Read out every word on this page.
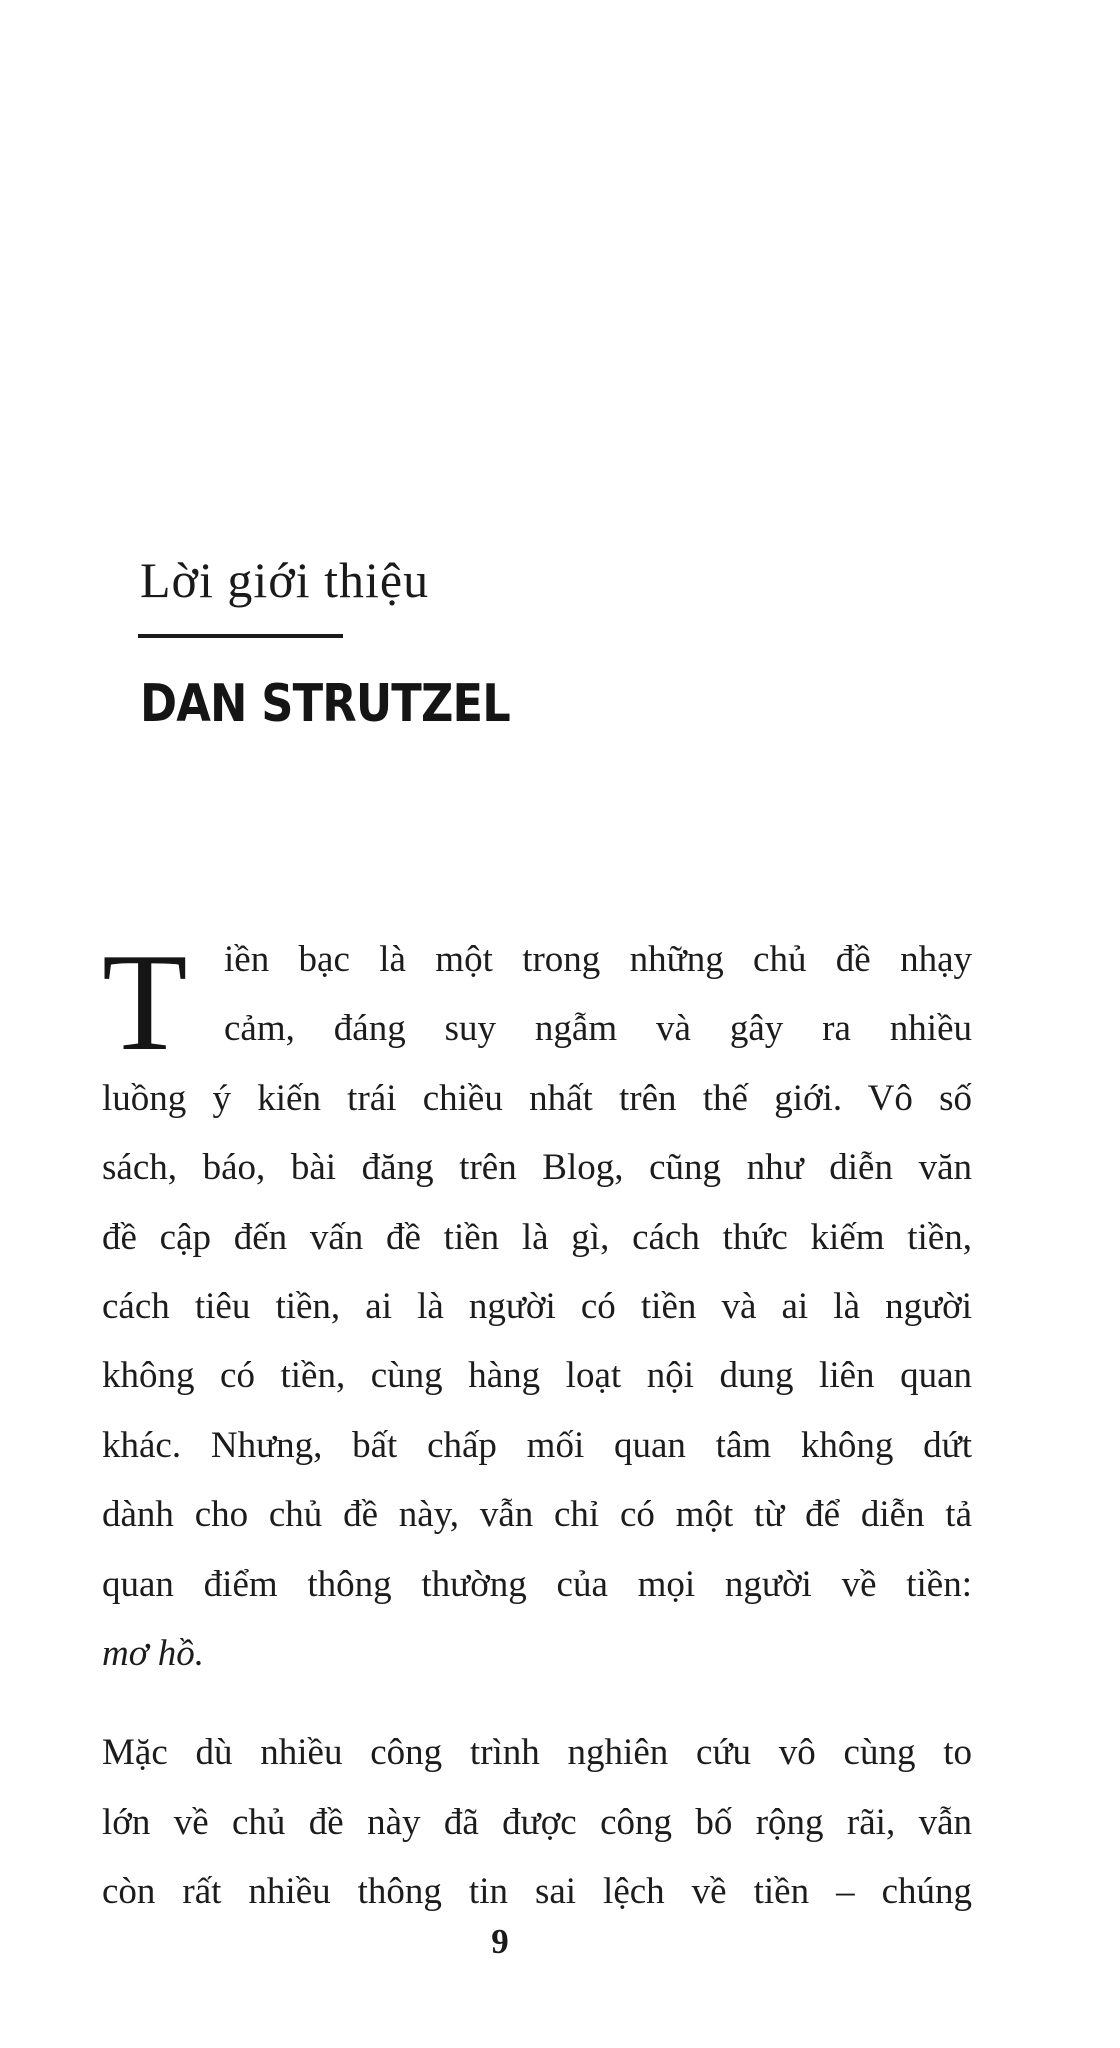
Lời giới thiệu
DAN STRUTZEL

T iền bạc là một trong những chủ đề nhạy
cảm, đáng suy ngẫm và gây ra nhiều
luồng ý kiến trái chiều nhất trên thế giới. Vô số
sách, báo, bài đăng trên Blog, cũng như diễn văn
đề cập đến vấn đề tiền là gì, cách thức kiếm tiền,
cách tiêu tiền, ai là người có tiền và ai là người
không có tiền, cùng hàng loạt nội dung liên quan
khác. Nhưng, bất chấp mối quan tâm không dứt
dành cho chủ đề này, vẫn chỉ có một từ để diễn tả
quan điểm thông thường của mọi người về tiền:
mơ hồ.

Mặc dù nhiều công trình nghiên cứu vô cùng to
lớn về chủ đề này đã được công bố rộng rãi, vẫn
còn rất nhiều thông tin sai lệch về tiền – chúng

9
